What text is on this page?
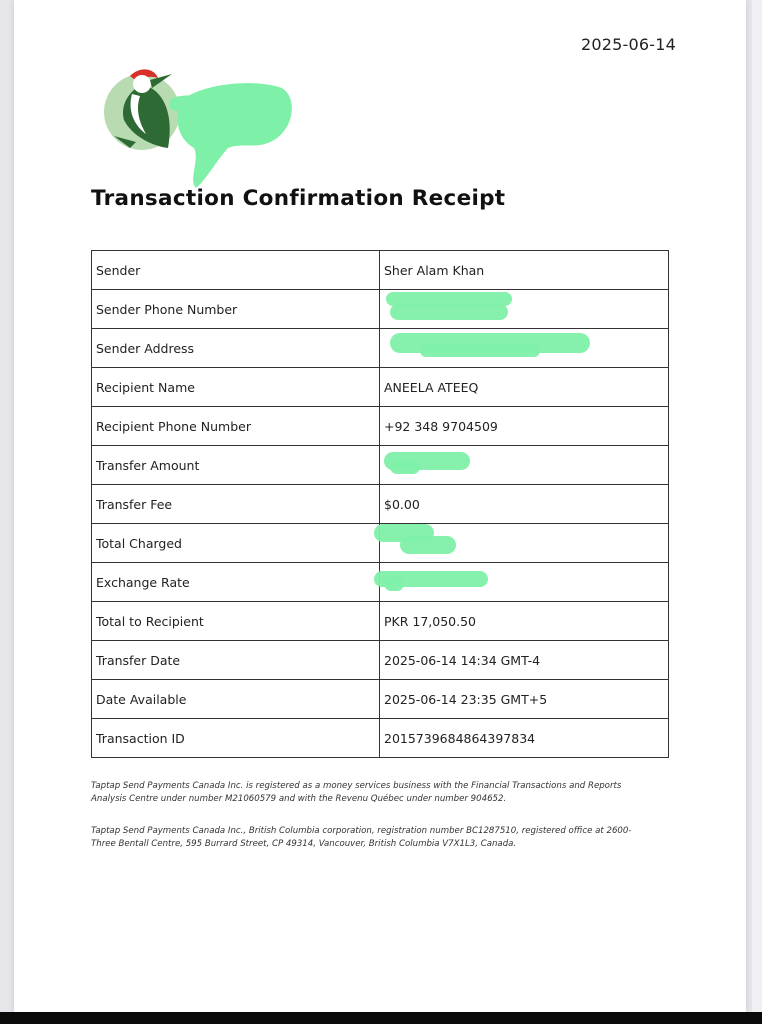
2025-06-14
Transaction Confirmation Receipt
Sender	Sher Alam Khan
Sender Phone Number	

Sender Address	

Recipient Name	ANEELA ATEEQ
Recipient Phone Number	+92 348 9704509
Transfer Amount	

Transfer Fee	$0.00
Total Charged	

Exchange Rate	

Total to Recipient	PKR 17,050.50
Transfer Date	2025-06-14 14:34 GMT-4
Date Available	2025-06-14 23:35 GMT+5
Transaction ID	2015739684864397834
Taptap Send Payments Canada Inc. is registered as a money services business with the Financial Transactions and Reports Analysis Centre under number M21060579 and with the Revenu Québec under number 904652.
Taptap Send Payments Canada Inc., British Columbia corporation, registration number BC1287510, registered office at 2600-Three Bentall Centre, 595 Burrard Street, CP 49314, Vancouver, British Columbia V7X1L3, Canada.
